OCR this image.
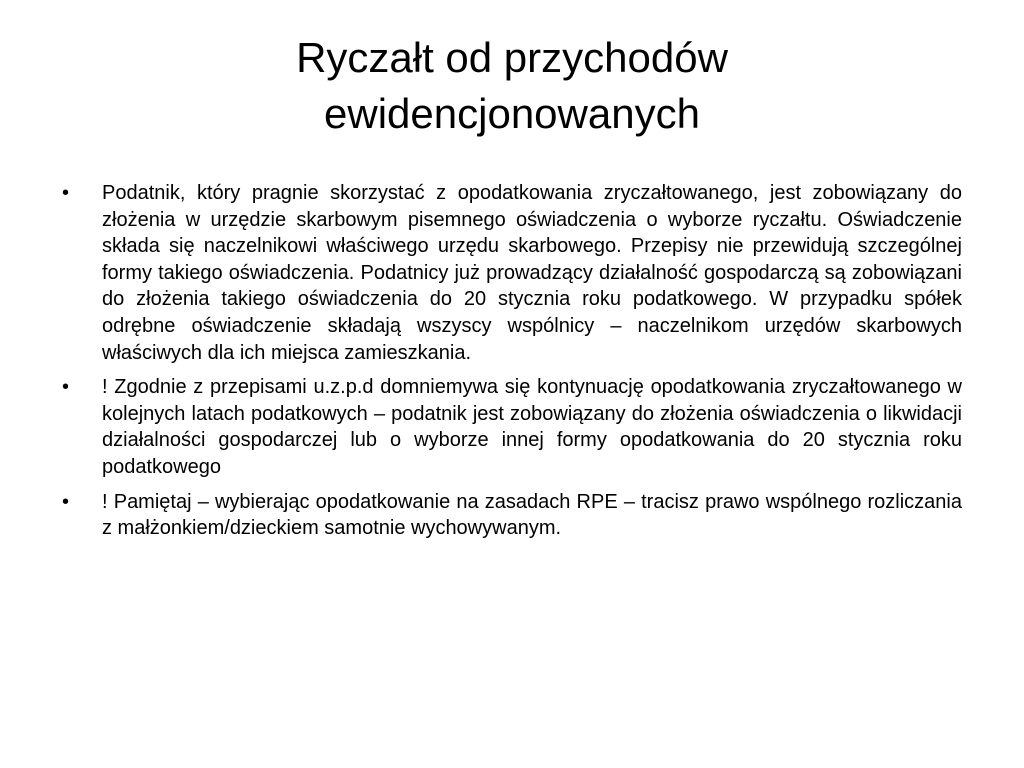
Ryczałt od przychodów ewidencjonowanych
•	Podatnik, który pragnie skorzystać z opodatkowania zryczałtowanego, jest zobowiązany do złożenia w urzędzie skarbowym pisemnego oświadczenia o wyborze ryczałtu. Oświadczenie składa się naczelnikowi właściwego urzędu skarbowego. Przepisy nie przewidują szczególnej formy takiego oświadczenia. Podatnicy już prowadzący działalność gospodarczą są zobowiązani do złożenia takiego oświadczenia do 20 stycznia roku podatkowego. W przypadku spółek odrębne oświadczenie składają wszyscy wspólnicy – naczelnikom urzędów skarbowych właściwych dla ich miejsca zamieszkania.
•	! Zgodnie z przepisami u.z.p.d domniemywa się kontynuację opodatkowania zryczałtowanego w kolejnych latach podatkowych – podatnik jest zobowiązany do złożenia oświadczenia o likwidacji działalności gospodarczej lub o wyborze innej formy opodatkowania do 20 stycznia roku podatkowego
•	! Pamiętaj – wybierając opodatkowanie na zasadach RPE – tracisz prawo wspólnego rozliczania z małżonkiem/dzieckiem samotnie wychowywanym.
